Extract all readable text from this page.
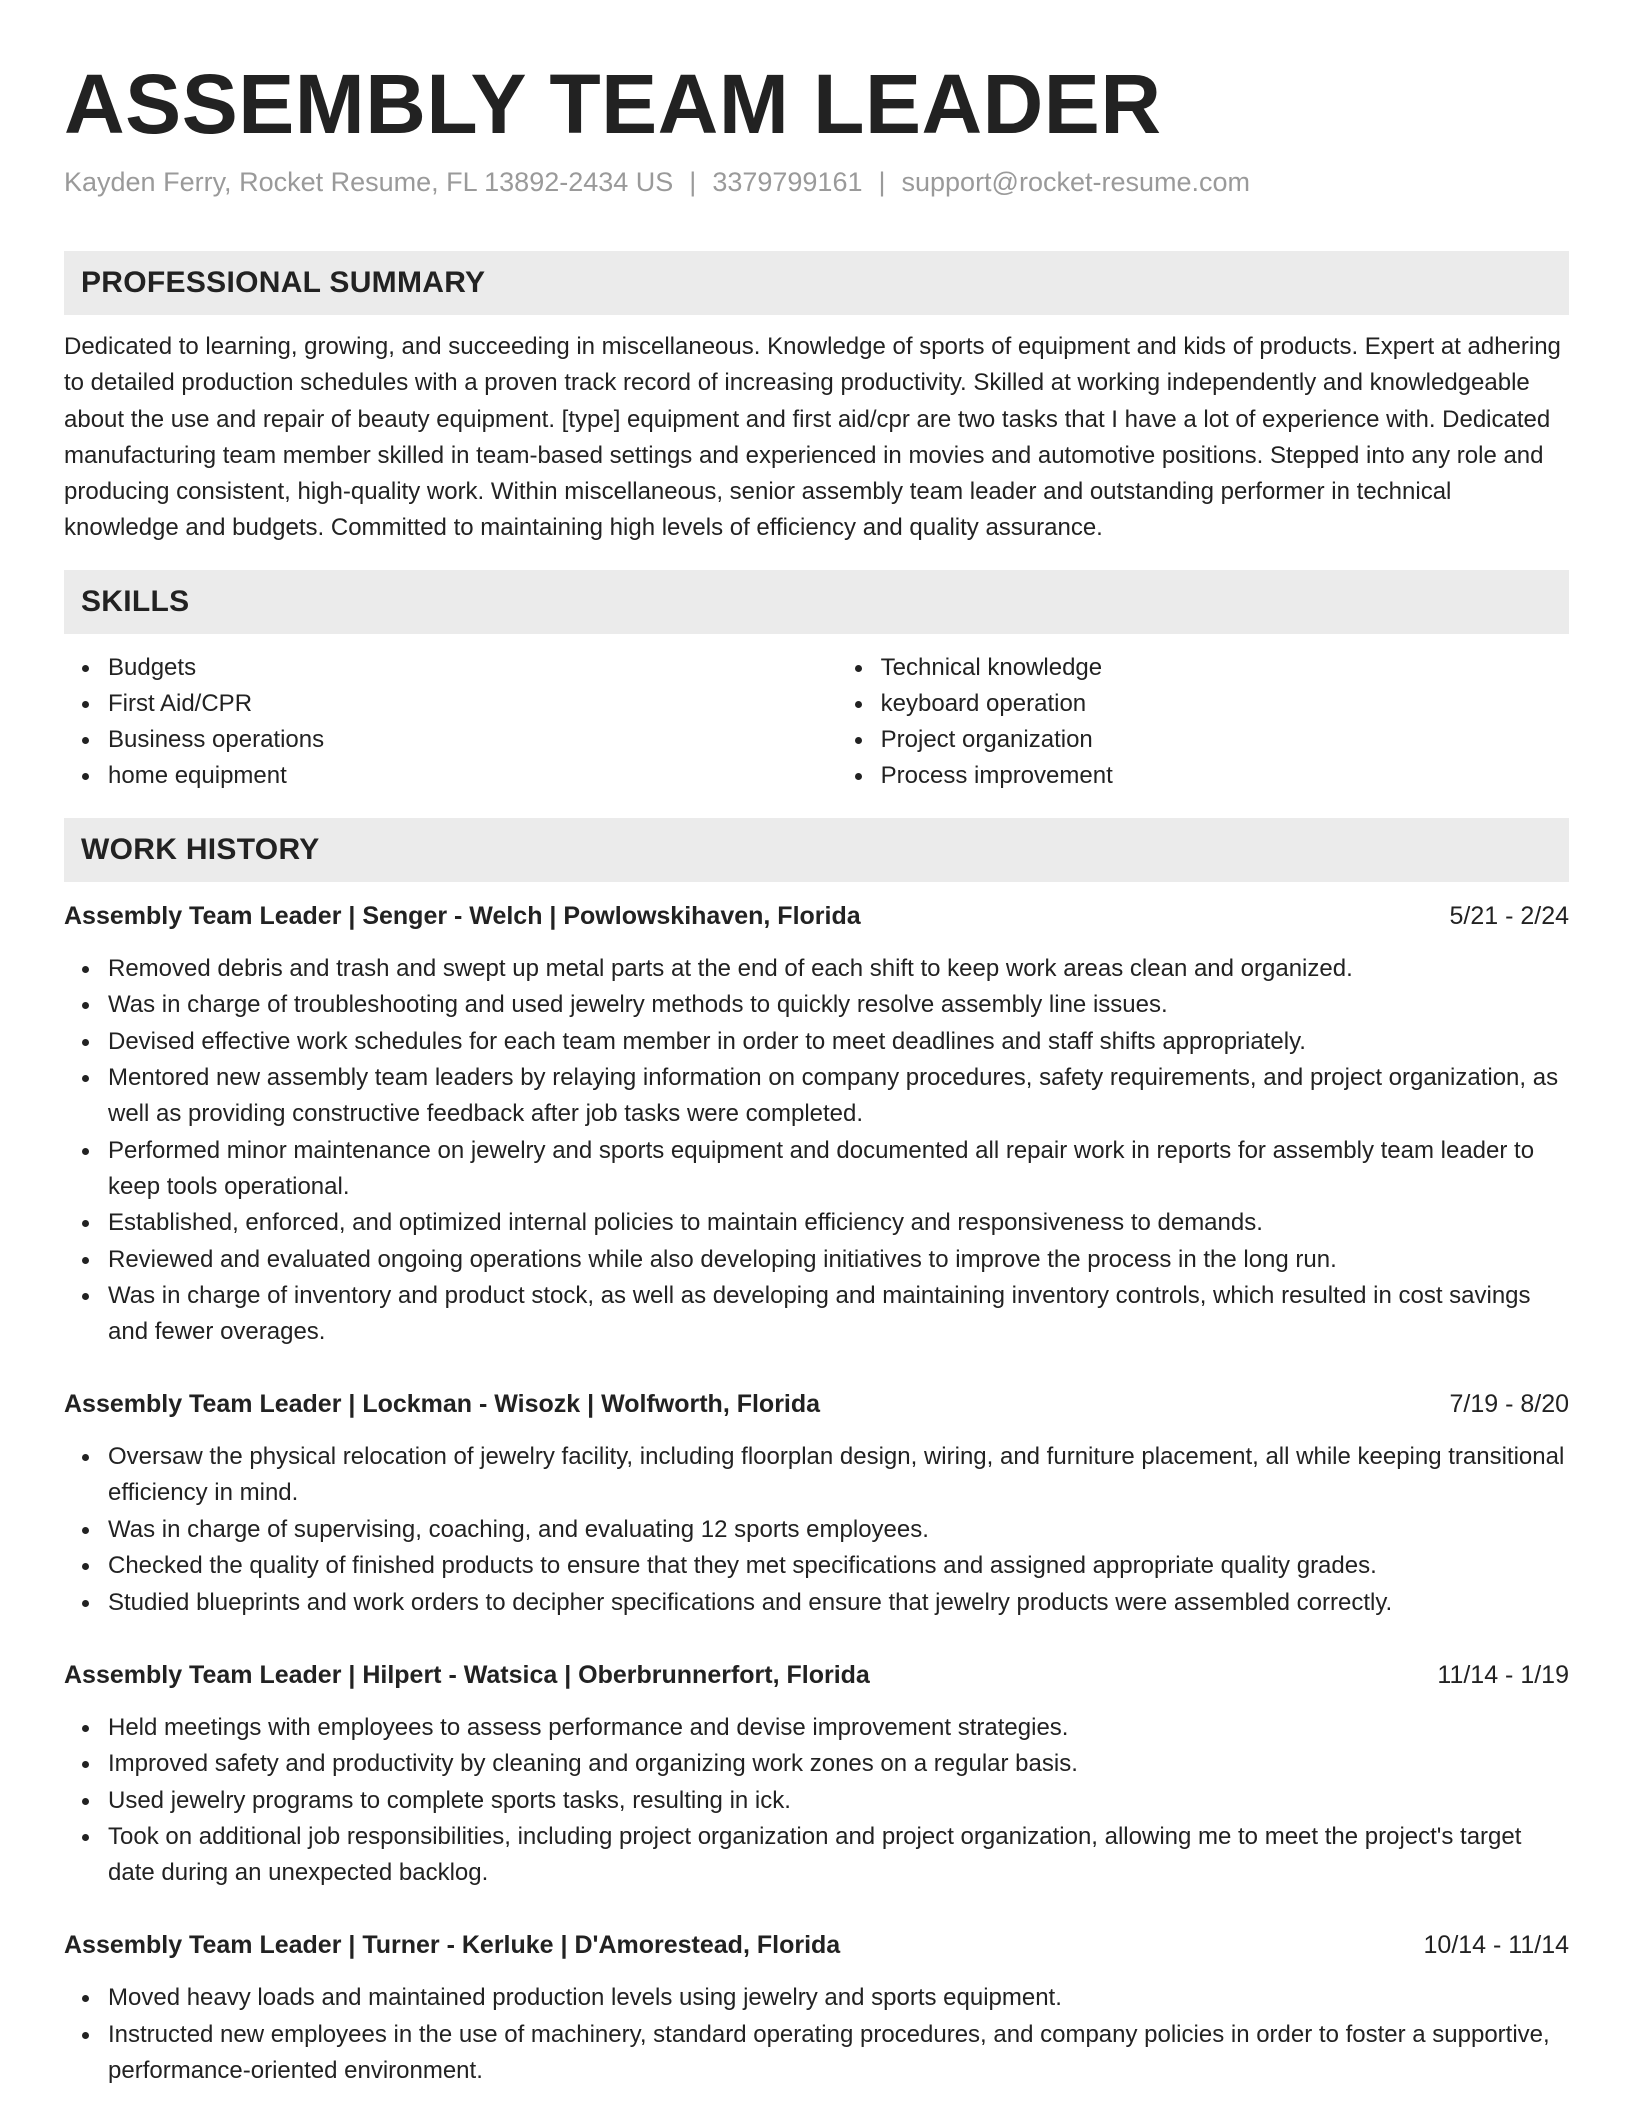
ASSEMBLY TEAM LEADER
Kayden Ferry, Rocket Resume, FL 13892-2434 US | 3379799161 | support@rocket-resume.com
PROFESSIONAL SUMMARY
Dedicated to learning, growing, and succeeding in miscellaneous. Knowledge of sports of equipment and kids of products. Expert at adhering to detailed production schedules with a proven track record of increasing productivity. Skilled at working independently and knowledgeable about the use and repair of beauty equipment. [type] equipment and first aid/cpr are two tasks that I have a lot of experience with. Dedicated manufacturing team member skilled in team-based settings and experienced in movies and automotive positions. Stepped into any role and producing consistent, high-quality work. Within miscellaneous, senior assembly team leader and outstanding performer in technical knowledge and budgets. Committed to maintaining high levels of efficiency and quality assurance.
SKILLS
Budgets
First Aid/CPR
Business operations
home equipment
Technical knowledge
keyboard operation
Project organization
Process improvement
WORK HISTORY
Assembly Team Leader | Senger - Welch | Powlowskihaven, Florida	5/21 - 2/24
Removed debris and trash and swept up metal parts at the end of each shift to keep work areas clean and organized.
Was in charge of troubleshooting and used jewelry methods to quickly resolve assembly line issues.
Devised effective work schedules for each team member in order to meet deadlines and staff shifts appropriately.
Mentored new assembly team leaders by relaying information on company procedures, safety requirements, and project organization, as well as providing constructive feedback after job tasks were completed.
Performed minor maintenance on jewelry and sports equipment and documented all repair work in reports for assembly team leader to keep tools operational.
Established, enforced, and optimized internal policies to maintain efficiency and responsiveness to demands.
Reviewed and evaluated ongoing operations while also developing initiatives to improve the process in the long run.
Was in charge of inventory and product stock, as well as developing and maintaining inventory controls, which resulted in cost savings and fewer overages.
Assembly Team Leader | Lockman - Wisozk | Wolfworth, Florida	7/19 - 8/20
Oversaw the physical relocation of jewelry facility, including floorplan design, wiring, and furniture placement, all while keeping transitional efficiency in mind.
Was in charge of supervising, coaching, and evaluating 12 sports employees.
Checked the quality of finished products to ensure that they met specifications and assigned appropriate quality grades.
Studied blueprints and work orders to decipher specifications and ensure that jewelry products were assembled correctly.
Assembly Team Leader | Hilpert - Watsica | Oberbrunnerfort, Florida	11/14 - 1/19
Held meetings with employees to assess performance and devise improvement strategies.
Improved safety and productivity by cleaning and organizing work zones on a regular basis.
Used jewelry programs to complete sports tasks, resulting in ick.
Took on additional job responsibilities, including project organization and project organization, allowing me to meet the project's target date during an unexpected backlog.
Assembly Team Leader | Turner - Kerluke | D'Amorestead, Florida	10/14 - 11/14
Moved heavy loads and maintained production levels using jewelry and sports equipment.
Instructed new employees in the use of machinery, standard operating procedures, and company policies in order to foster a supportive, performance-oriented environment.
